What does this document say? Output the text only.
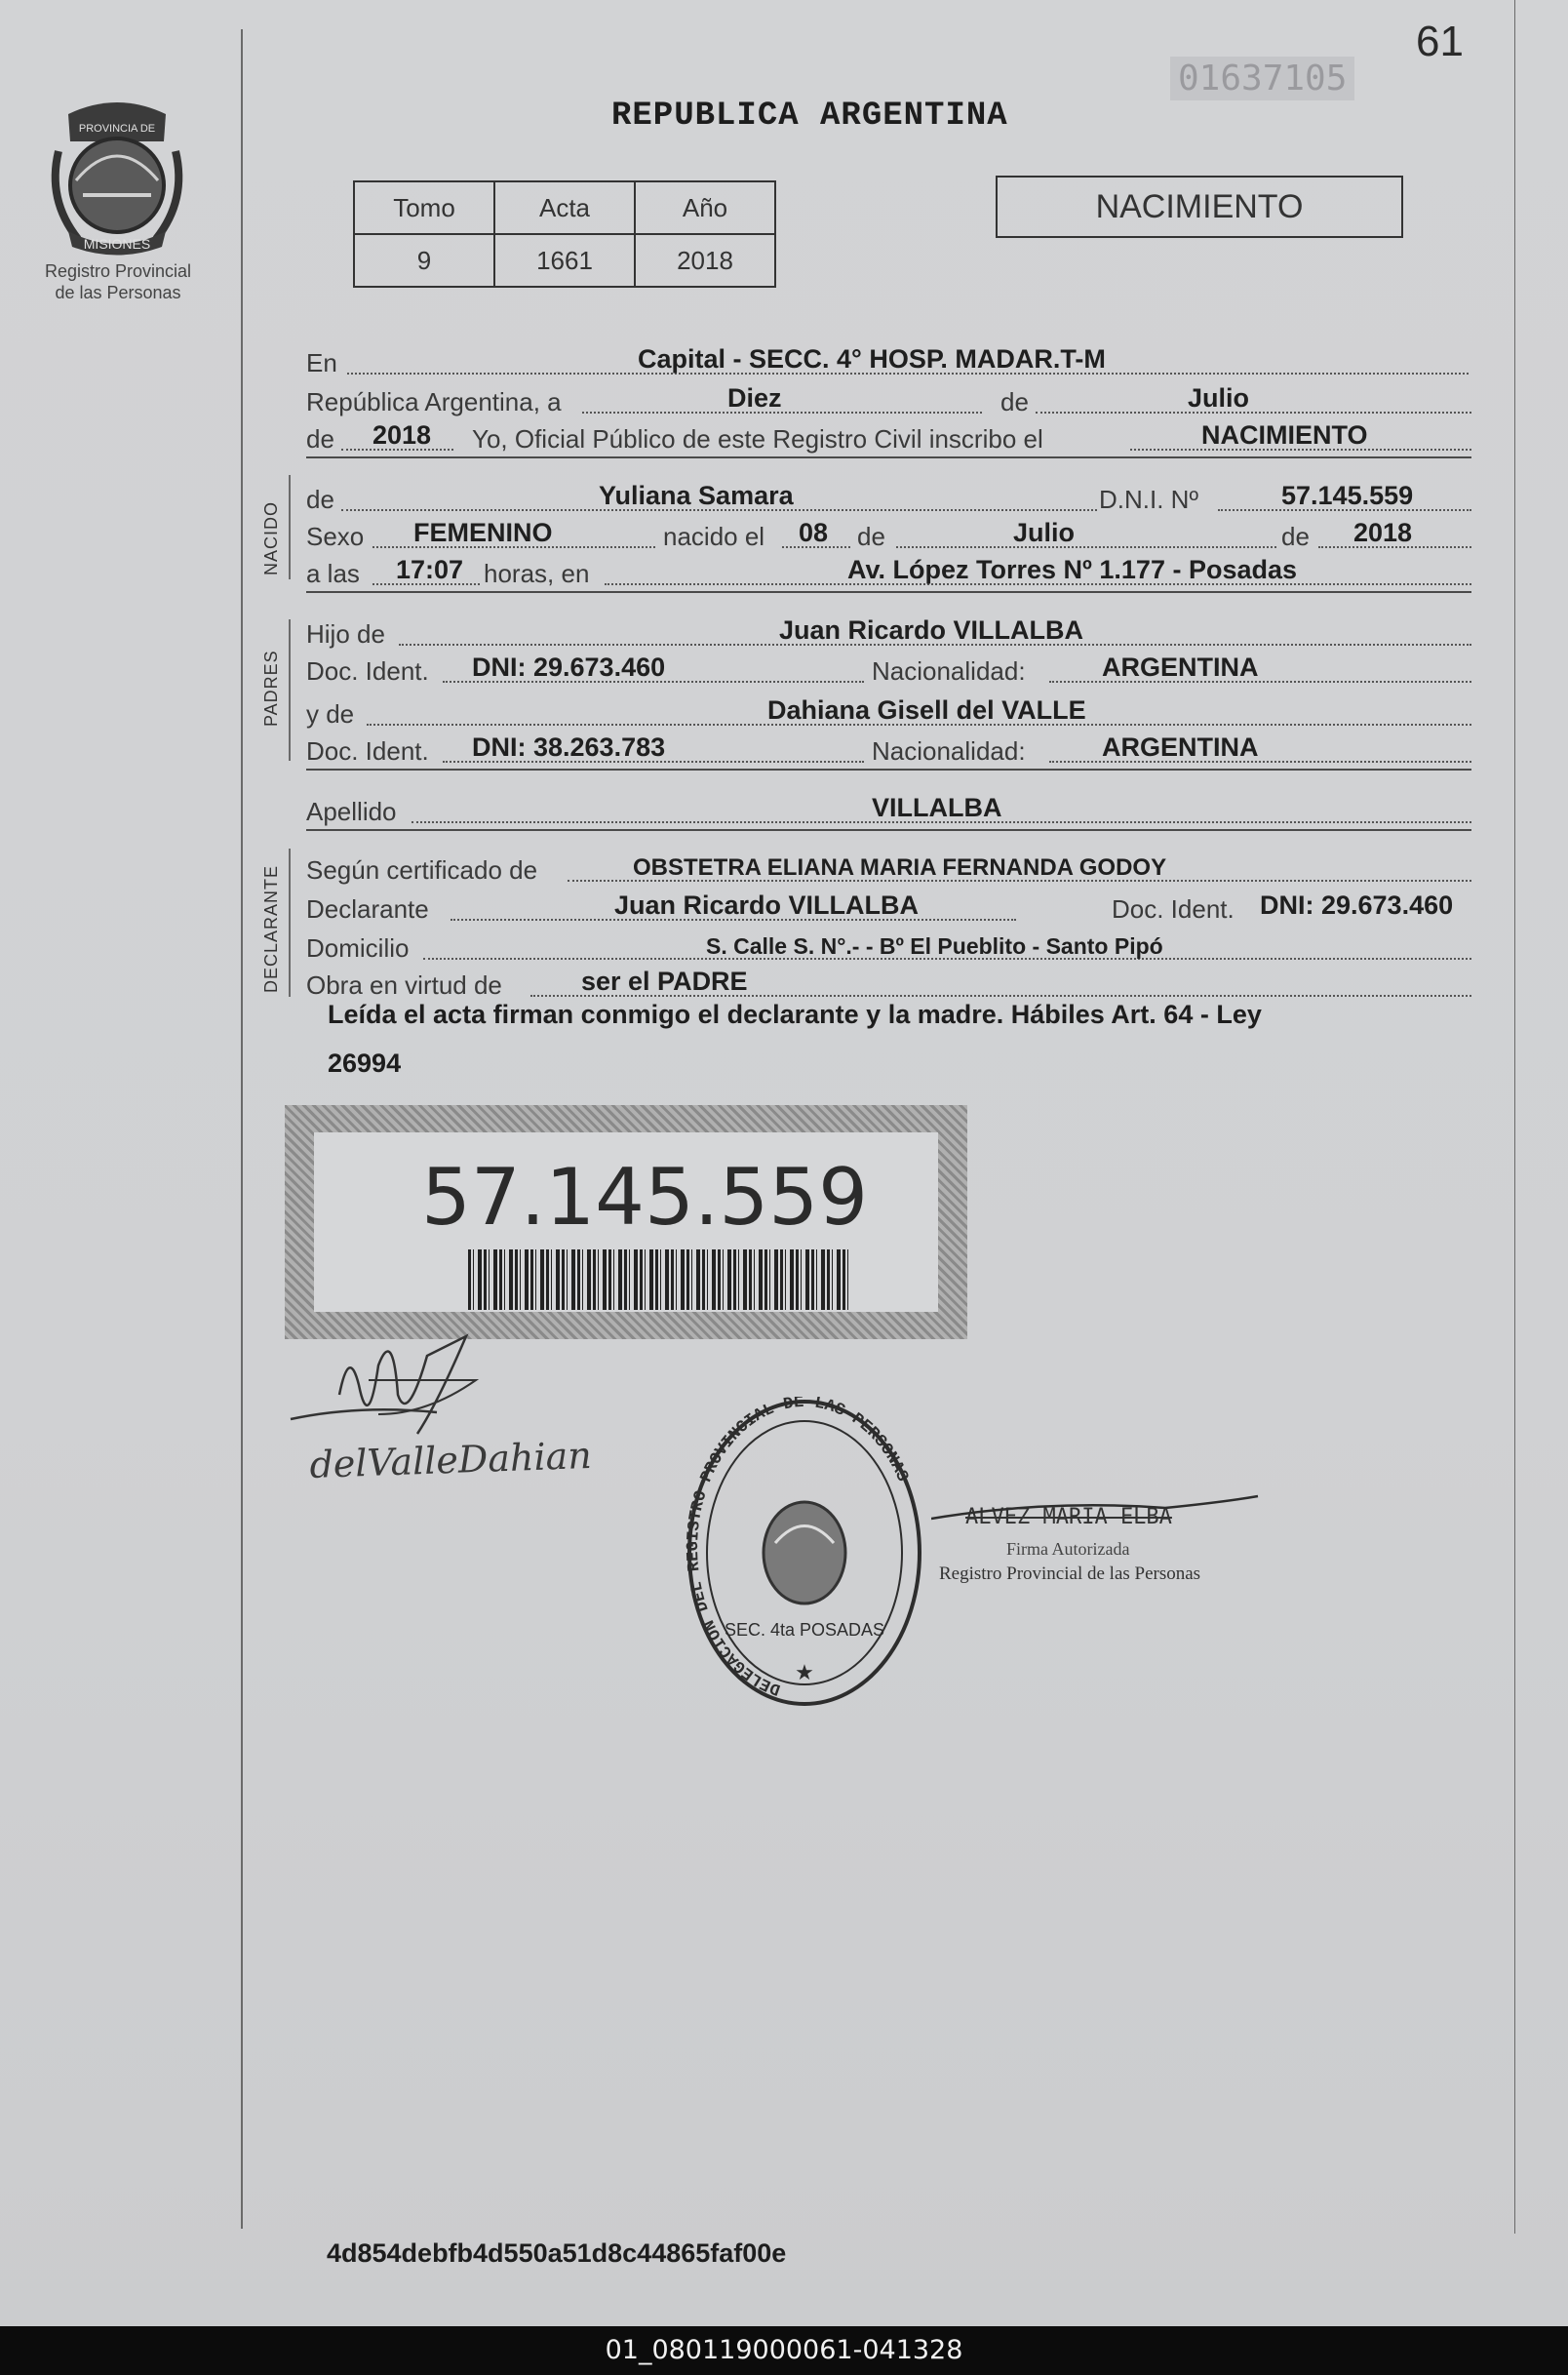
PROVINCIA DE
MISIONES
Registro Provincial
de las Personas
01637105
61
REPUBLICA ARGENTINA
Tomo	Acta	Año
9	1661	2018
NACIMIENTO
NACIDO
PADRES
DECLARANTE
En	Capital - SECC. 4° HOSP. MADAR.T-M
República Argentina, a	Diez	de	Julio
de 2018 Yo, Oficial Público de este Registro Civil inscribo el	NACIMIENTO
de	Yuliana Samara	D.N.I. Nº	57.145.559
Sexo FEMENINO	nacido el 08 de	Julio	de 2018
a las 17:07 horas, en	Av. López Torres Nº 1.177 - Posadas
Hijo de	Juan Ricardo VILLALBA
Doc. Ident. DNI: 29.673.460	Nacionalidad:	ARGENTINA
y de	Dahiana Gisell del VALLE
Doc. Ident. DNI: 38.263.783	Nacionalidad:	ARGENTINA
Apellido	VILLALBA
Según certificado de	OBSTETRA ELIANA MARIA FERNANDA GODOY
Declarante	Juan Ricardo VILLALBA	Doc. Ident. DNI: 29.673.460
Domicilio	S. Calle S. N°.- - Bº El Pueblito - Santo Pipó
Obra en virtud de	ser el PADRE
Leída el acta firman conmigo el declarante y la madre. Hábiles Art. 64 - Ley
26994
57.145.559
delValleDahiana
DELEGACION DEL REGISTRO PROVINCIAL DE LAS PERSONAS
SEC. 4ta POSADAS
★
ALVEZ MARIA ELBA
Firma Autorizada
Registro Provincial de las Personas
4d854debfb4d550a51d8c44865faf00e
01_080119000061-041328
